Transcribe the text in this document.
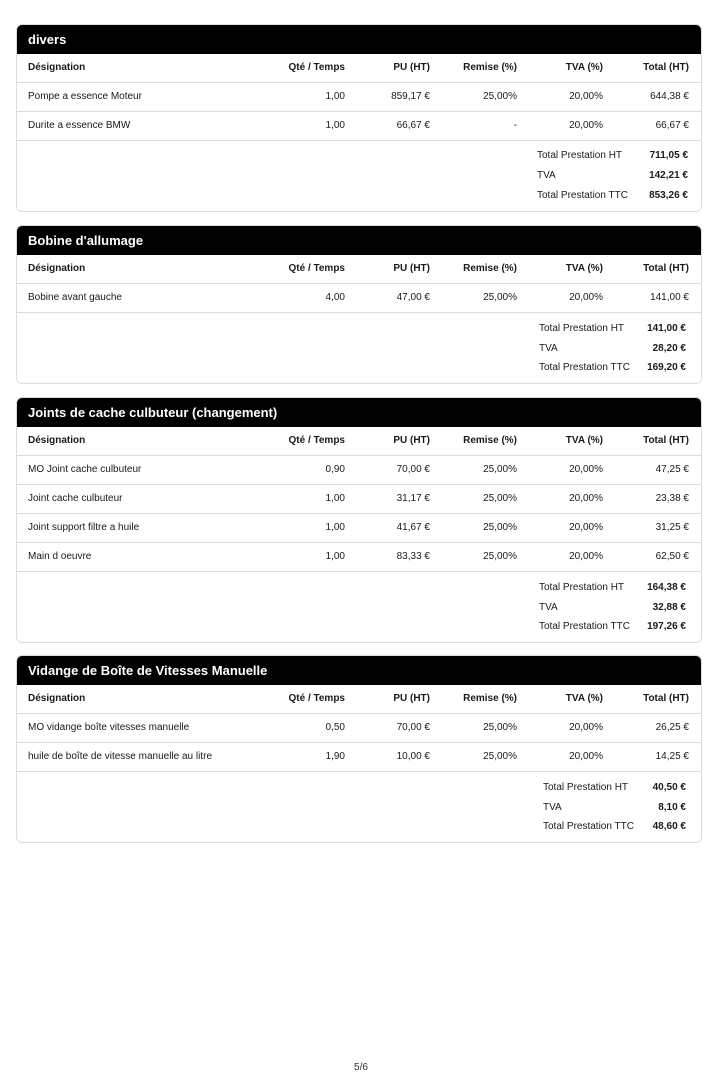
divers
Désignation	Qté / Temps	PU (HT)	Remise (%)	TVA (%)	Total (HT)
Pompe a essence Moteur	1,00	859,17 €	25,00%	20,00%	644,38 €
Durite a essence BMW	1,00	66,67 €	-	20,00%	66,67 €
Total Prestation HT	711,05 €
TVA	142,21 €
Total Prestation TTC 853,26 €
Bobine d'allumage
Désignation	Qté / Temps	PU (HT)	Remise (%)	TVA (%)	Total (HT)
Bobine avant gauche	4,00	47,00 €	25,00%	20,00%	141,00 €
Total Prestation HT 141,00 €
TVA	28,20 €
Total Prestation TTC 169,20 €
Joints de cache culbuteur (changement)
Désignation	Qté / Temps	PU (HT)	Remise (%)	TVA (%)	Total (HT)
MO Joint cache culbuteur	0,90	70,00 €	25,00%	20,00%	47,25 €
Joint cache culbuteur	1,00	31,17 €	25,00%	20,00%	23,38 €
Joint support filtre a huile	1,00	41,67 €	25,00%	20,00%	31,25 €
Main d oeuvre	1,00	83,33 €	25,00%	20,00%	62,50 €
Total Prestation HT 164,38 €
TVA	32,88 €
Total Prestation TTC 197,26 €
Vidange de Boîte de Vitesses Manuelle
Désignation	Qté / Temps	PU (HT)	Remise (%)	TVA (%)	Total (HT)
MO vidange boîte vitesses manuelle	0,50	70,00 €	25,00%	20,00%	26,25 €
huile de boîte de vitesse manuelle au litre	1,90	10,00 €	25,00%	20,00%	14,25 €
Total Prestation HT 40,50 €
TVA	8,10 €
Total Prestation TTC 48,60 €
5/6
